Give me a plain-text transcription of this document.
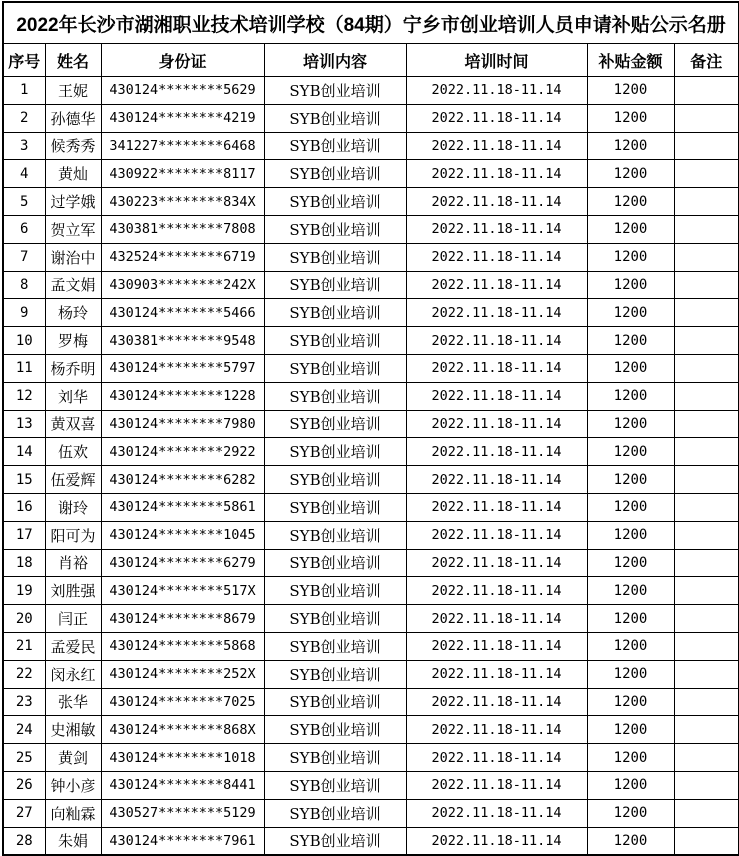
2022年长沙市湖湘职业技术培训学校（84期）宁乡市创业培训人员申请补贴公示名册						
序号	姓名	身份证	培训内容	培训时间	补贴金额	备注
1	王妮	430124********5629	SYB创业培训	2022.11.18-11.14	1200	
2	孙德华	430124********4219	SYB创业培训	2022.11.18-11.14	1200	
3	候秀秀	341227********6468	SYB创业培训	2022.11.18-11.14	1200	
4	黄灿	430922********8117	SYB创业培训	2022.11.18-11.14	1200	
5	过学娥	430223********834X	SYB创业培训	2022.11.18-11.14	1200	
6	贺立军	430381********7808	SYB创业培训	2022.11.18-11.14	1200	
7	谢治中	432524********6719	SYB创业培训	2022.11.18-11.14	1200	
8	孟文娟	430903********242X	SYB创业培训	2022.11.18-11.14	1200	
9	杨玲	430124********5466	SYB创业培训	2022.11.18-11.14	1200	
10	罗梅	430381********9548	SYB创业培训	2022.11.18-11.14	1200	
11	杨乔明	430124********5797	SYB创业培训	2022.11.18-11.14	1200	
12	刘华	430124********1228	SYB创业培训	2022.11.18-11.14	1200	
13	黄双喜	430124********7980	SYB创业培训	2022.11.18-11.14	1200	
14	伍欢	430124********2922	SYB创业培训	2022.11.18-11.14	1200	
15	伍爱辉	430124********6282	SYB创业培训	2022.11.18-11.14	1200	
16	谢玲	430124********5861	SYB创业培训	2022.11.18-11.14	1200	
17	阳可为	430124********1045	SYB创业培训	2022.11.18-11.14	1200	
18	肖裕	430124********6279	SYB创业培训	2022.11.18-11.14	1200	
19	刘胜强	430124********517X	SYB创业培训	2022.11.18-11.14	1200	
20	闫正	430124********8679	SYB创业培训	2022.11.18-11.14	1200	
21	孟爱民	430124********5868	SYB创业培训	2022.11.18-11.14	1200	
22	闵永红	430124********252X	SYB创业培训	2022.11.18-11.14	1200	
23	张华	430124********7025	SYB创业培训	2022.11.18-11.14	1200	
24	史湘敏	430124********868X	SYB创业培训	2022.11.18-11.14	1200	
25	黄剑	430124********1018	SYB创业培训	2022.11.18-11.14	1200	
26	钟小彦	430124********8441	SYB创业培训	2022.11.18-11.14	1200	
27	向籼霖	430527********5129	SYB创业培训	2022.11.18-11.14	1200	
28	朱娟	430124********7961	SYB创业培训	2022.11.18-11.14	1200	
